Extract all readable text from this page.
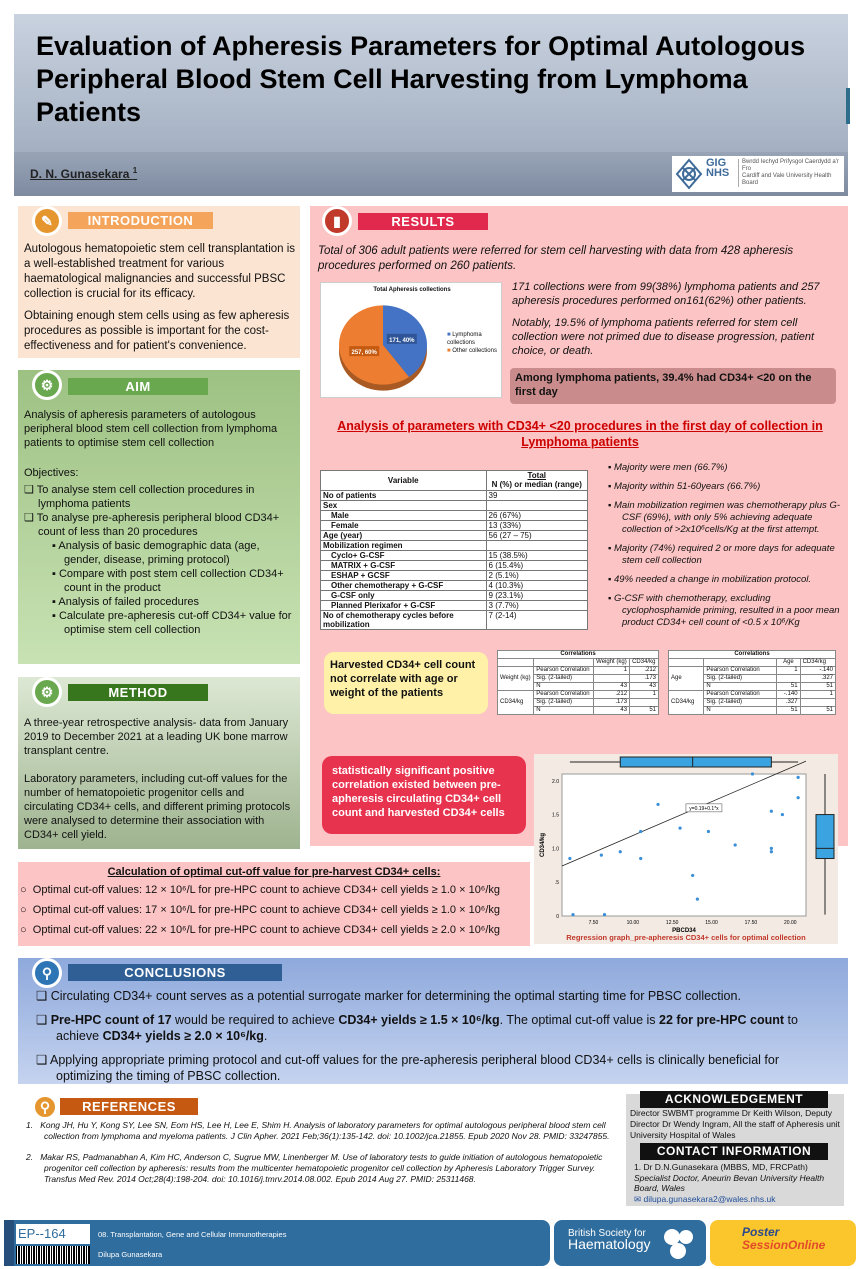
Evaluation of Apheresis Parameters for Optimal Autologous Peripheral Blood Stem Cell Harvesting from Lymphoma Patients
D. N. Gunasekara $^1$
GIG
NHS
Bwrdd Iechyd Prifysgol Caerdydd a'r Fro
Cardiff and Vale University Health Board
✎	INTRODUCTION

Autologous hematopoietic stem cell transplantation is a well-established treatment for various haematological malignancies and successful PBSC collection is crucial for its efficacy.

Obtaining enough stem cells using as few apheresis procedures as possible is important for the cost-effectiveness and for patient's convenience.

⚙	AIM

Analysis of apheresis parameters of autologous peripheral blood stem cell collection from lymphoma patients to optimise stem cell collection

Objectives:

❑ To analyse stem cell collection procedures in lymphoma patients
❑ To analyse pre-apheresis peripheral blood CD34+ count of less than 20 procedures
▪ Analysis of basic demographic data (age, gender, disease, priming protocol)
▪ Compare with post stem cell collection CD34+ count in the product
▪ Analysis of failed procedures
▪ Calculate pre-apheresis cut-off CD34+ value for optimise stem cell collection
⚙	METHOD

A three-year retrospective analysis- data from January 2019 to December 2021 at a leading UK bone marrow transplant centre.

Laboratory parameters, including cut-off values for the number of hematopoietic progenitor cells and circulating CD34+ cells, and different priming protocols were analysed to determine their association with CD34+ cell yield.

▮	RESULTS
Total of 306 adult patients were referred for stem cell harvesting with data from 428 apheresis procedures performed on 260 patients.
Total Apheresis collections
171, 40%
257, 60%
■ Lymphoma collections
■ Other collections

171 collections were from 99(38%) lymphoma patients and 257 apheresis procedures performed on161(62%) other patients.

Notably, 19.5% of lymphoma patients referred for stem cell collection were not primed due to disease progression, patient choice, or death.

Among lymphoma patients, 39.4% had CD34+ <20 on the first day
Analysis of parameters with CD34+ <20 procedures in the first day of collection in Lymphoma patients
Variable	Total
N (%) or median (range)
No of patients	39
Sex	
Male	26 (67%)
Female	13 (33%)
Age (year)	56 (27 – 75)
Mobilization regimen	
Cyclo+ G-CSF	15 (38.5%)
MATRIX + G-CSF	6 (15.4%)
ESHAP + GCSF	2 (5.1%)
Other chemotherapy + G-CSF	4 (10.3%)
G-CSF only	9 (23.1%)
Planned Plerixafor + G-CSF	3 (7.7%)
No of chemotherapy cycles before mobilization	7 (2-14)
▪ Majority were men (66.7%)
▪ Majority within 51-60years (66.7%)
▪ Main mobilization regimen was chemotherapy plus G-CSF (69%), with only 5% achieving adequate collection of >2x10⁶cells/Kg at the first attempt.
▪ Majority (74%) required 2 or more days for adequate stem cell collection
▪ 49% needed a change in mobilization protocol.
▪ G-CSF with chemotherapy, excluding cyclophosphamide priming, resulted in a poor mean product CD34+ cell count of <0.5 x 10⁶/Kg
Harvested CD34+ cell count not correlate with age or weight of the patients
Correlations			
		Weight (kg)	CD34/kg
Weight (kg)	Pearson Correlation	1	.212
	Sig. (2-tailed)		.173
	N	43	43
CD34/kg	Pearson Correlation	.212	1
	Sig. (2-tailed)	.173	
	N	43	51
Correlations			
		Age	CD34/kg
Age	Pearson Correlation	1	-.140
	Sig. (2-tailed)		.327
	N	51	51
CD34/kg	Pearson Correlation	-.140	1
	Sig. (2-tailed)	.327	
	N	51	51
statistically significant positive correlation existed between pre-apheresis circulating CD34+ cell count and harvested CD34+ cells
7.50	10.00	12.50	15.00	17.50	20.00
0
.5
1.0
1.5
2.0
PBCD34
CD34/kg
y=0.19+0.1*x
Regression graph_pre-apheresis CD34+ cells for optimal collection
Calculation of optimal cut-off value for pre-harvest CD34+ cells:
○  Optimal cut-off values: 12 × 10⁶/L for pre-HPC count to achieve CD34+ cell yields ≥ 1.0 × 10⁶/kg
○  Optimal cut-off values: 17 × 10⁶/L for pre-HPC count to achieve CD34+ cell yields ≥ 1.0 × 10⁶/kg
○  Optimal cut-off values: 22 × 10⁶/L for pre-HPC count to achieve CD34+ cell yields ≥ 2.0 × 10⁶/kg
⚲	CONCLUSIONS
❑ Circulating CD34+ count serves as a potential surrogate marker for determining the optimal starting time for PBSC collection.
❑ Pre-HPC count of 17 would be required to achieve CD34+ yields ≥ 1.5 × 10⁶/kg. The optimal cut-off value is 22 for pre-HPC count to achieve CD34+ yields ≥ 2.0 × 10⁶/kg.
❑ Applying appropriate priming protocol and cut-off values for the pre-apheresis peripheral blood CD34+ cells is clinically beneficial for optimizing the timing of PBSC collection.
⚲	REFERENCES
1.   Kong JH, Hu Y, Kong SY, Lee SN, Eom HS, Lee H, Lee E, Shim H. Analysis of laboratory parameters for optimal autologous peripheral blood stem cell collection from lymphoma and myeloma patients. J Clin Apher. 2021 Feb;36(1):135-142. doi: 10.1002/jca.21855. Epub 2020 Nov 28. PMID: 33247855.
2.   Makar RS, Padmanabhan A, Kim HC, Anderson C, Sugrue MW, Linenberger M. Use of laboratory tests to guide initiation of autologous hematopoietic progenitor cell collection by apheresis: results from the multicenter hematopoietic progenitor cell collection by Apheresis Laboratory Trigger Survey. Transfus Med Rev. 2014 Oct;28(4):198-204. doi: 10.1016/j.tmrv.2014.08.002. Epub 2014 Aug 27. PMID: 25311468.
ACKNOWLEDGEMENT
Director SWBMT programme Dr Keith Wilson, Deputy Director Dr Wendy Ingram, All the staff of Apheresis unit University Hospital of Wales
CONTACT INFORMATION
1. Dr D.N.Gunasekara (MBBS, MD, FRCPath)
Specialist Doctor, Aneurin Bevan University Health Board, Wales
✉ dilupa.gunasekara2@wales.nhs.uk
EP--164	08. Transplantation, Gene and Cellular Immunotherapies
Dilupa Gunasekara
British Society for
Haematology
Poster
SessionOnline
